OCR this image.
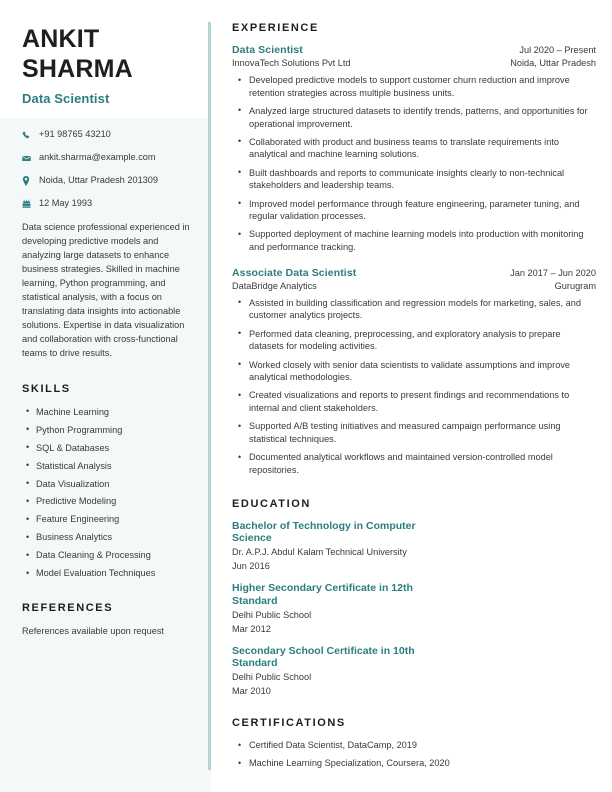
ANKIT
SHARMA
Data Scientist
+91 98765 43210
ankit.sharma@example.com
Noida, Uttar Pradesh 201309
12 May 1993
Data science professional experienced in developing predictive models and analyzing large datasets to enhance business strategies. Skilled in machine learning, Python programming, and statistical analysis, with a focus on translating data insights into actionable solutions. Expertise in data visualization and collaboration with cross-functional teams to drive results.
SKILLS
• Machine Learning
• Python Programming
• SQL & Databases
• Statistical Analysis
• Data Visualization
• Predictive Modeling
• Feature Engineering
• Business Analytics
• Data Cleaning & Processing
• Model Evaluation Techniques
REFERENCES
References available upon request
EXPERIENCE
Data Scientist	Jul 2020 – Present
InnovaTech Solutions Pvt Ltd	Noida, Uttar Pradesh
• Developed predictive models to support customer churn reduction and improve retention strategies across multiple business units.
• Analyzed large structured datasets to identify trends, patterns, and opportunities for operational improvement.
• Collaborated with product and business teams to translate requirements into analytical and machine learning solutions.
• Built dashboards and reports to communicate insights clearly to non-technical stakeholders and leadership teams.
• Improved model performance through feature engineering, parameter tuning, and regular validation processes.
• Supported deployment of machine learning models into production with monitoring and performance tracking.
Associate Data Scientist	Jan 2017 – Jun 2020
DataBridge Analytics	Gurugram
• Assisted in building classification and regression models for marketing, sales, and customer analytics projects.
• Performed data cleaning, preprocessing, and exploratory analysis to prepare datasets for modeling activities.
• Worked closely with senior data scientists to validate assumptions and improve analytical methodologies.
• Created visualizations and reports to present findings and recommendations to internal and client stakeholders.
• Supported A/B testing initiatives and measured campaign performance using statistical techniques.
• Documented analytical workflows and maintained version-controlled model repositories.
EDUCATION
Bachelor of Technology in Computer Science
Dr. A.P.J. Abdul Kalam Technical University
Jun 2016
Higher Secondary Certificate in 12th Standard
Delhi Public School
Mar 2012
Secondary School Certificate in 10th Standard
Delhi Public School
Mar 2010
CERTIFICATIONS
• Certified Data Scientist, DataCamp, 2019
• Machine Learning Specialization, Coursera, 2020
